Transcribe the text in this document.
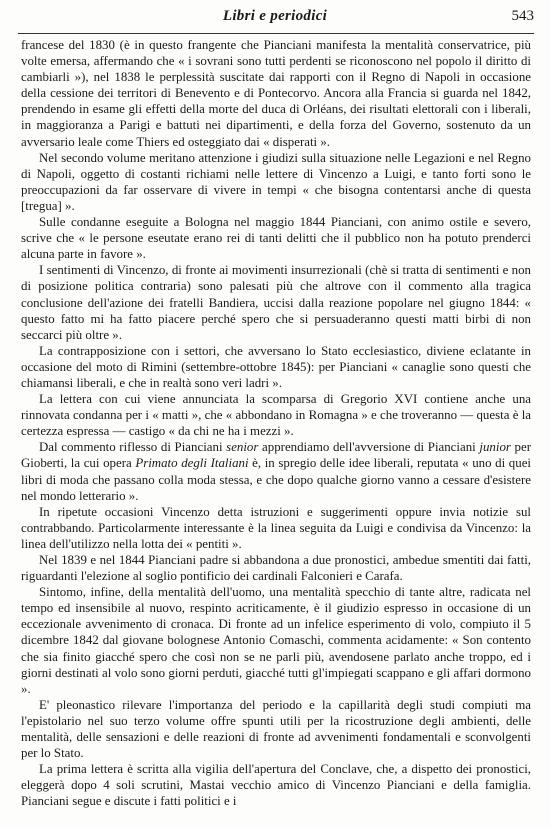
Libri e periodici	543

francese del 1830 (è in questo frangente che Pianciani manifesta la mentalità conservatrice, più volte emersa, affermando che « i sovrani sono tutti perdenti se riconoscono nel popolo il diritto di cambiarli »), nel 1838 le perplessità suscitate dai rapporti con il Regno di Napoli in occasione della cessione dei territori di Benevento e di Pontecorvo. Ancora alla Francia si guarda nel 1842, prendendo in esame gli effetti della morte del duca di Orléans, dei risultati elettorali con i liberali, in maggioranza a Parigi e battuti nei dipartimenti, e della forza del Governo, sostenuto da un avversario leale come Thiers ed osteggiato dai « disperati ».

Nel secondo volume meritano attenzione i giudizi sulla situazione nelle Legazioni e nel Regno di Napoli, oggetto di costanti richiami nelle lettere di Vincenzo a Luigi, e tanto forti sono le preoccupazioni da far osservare di vivere in tempi « che bisogna contentarsi anche di questa [tregua] ».

Sulle condanne eseguite a Bologna nel maggio 1844 Pianciani, con animo ostile e severo, scrive che « le persone eseutate erano rei di tanti delitti che il pubblico non ha potuto prenderci alcuna parte in favore ».

I sentimenti di Vincenzo, di fronte ai movimenti insurrezionali (chè si tratta di sentimenti e non di posizione politica contraria) sono palesati più che altrove con il commento alla tragica conclusione dell'azione dei fratelli Bandiera, uccisi dalla reazione popolare nel giugno 1844: « questo fatto mi ha fatto piacere perché spero che si persuaderanno questi matti birbi di non seccarci più oltre ».

La contrapposizione con i settori, che avversano lo Stato ecclesiastico, diviene eclatante in occasione del moto di Rimini (settembre-ottobre 1845): per Pianciani « canaglie sono questi che chiamansi liberali, e che in realtà sono veri ladri ».

La lettera con cui viene annunciata la scomparsa di Gregorio XVI contiene anche una rinnovata condanna per i « matti », che « abbondano in Romagna » e che troveranno — questa è la certezza espressa — castigo « da chi ne ha i mezzi ».

Dal commento riflesso di Pianciani senior apprendiamo dell'avversione di Pianciani junior per Gioberti, la cui opera Primato degli Italiani è, in spregio delle idee liberali, reputata « uno di quei libri di moda che passano colla moda stessa, e che dopo qualche giorno vanno a cessare d'esistere nel mondo letterario ».

In ripetute occasioni Vincenzo detta istruzioni e suggerimenti oppure invia notizie sul contrabbando. Particolarmente interessante è la linea seguita da Luigi e condivisa da Vincenzo: la linea dell'utilizzo nella lotta dei « pentiti ».

Nel 1839 e nel 1844 Pianciani padre si abbandona a due pronostici, ambedue smentiti dai fatti, riguardanti l'elezione al soglio pontificio dei cardinali Falconieri e Carafa.

Sintomo, infine, della mentalità dell'uomo, una mentalità specchio di tante altre, radicata nel tempo ed insensibile al nuovo, respinto acriticamente, è il giudizio espresso in occasione di un eccezionale avvenimento di cronaca. Di fronte ad un infelice esperimento di volo, compiuto il 5 dicembre 1842 dal giovane bolognese Antonio Comaschi, commenta acidamente: « Son contento che sia finito giacché spero che così non se ne parli più, avendosene parlato anche troppo, ed i giorni destinati al volo sono giorni perduti, giacché tutti gl'impiegati scappano e gli affari dormono ».

E' pleonastico rilevare l'importanza del periodo e la capillarità degli studi compiuti ma l'epistolario nel suo terzo volume offre spunti utili per la ricostruzione degli ambienti, delle mentalità, delle sensazioni e delle reazioni di fronte ad avvenimenti fondamentali e sconvolgenti per lo Stato.

La prima lettera è scritta alla vigilia dell'apertura del Conclave, che, a dispetto dei pronostici, eleggerà dopo 4 soli scrutini, Mastai vecchio amico di Vincenzo Pianciani e della famiglia. Pianciani segue e discute i fatti politici e i
